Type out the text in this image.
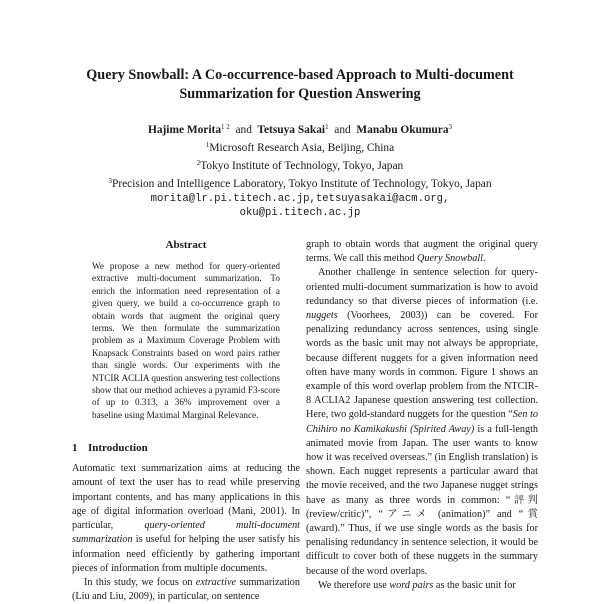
Query Snowball: A Co-occurrence-based Approach to Multi-document
Summarization for Question Answering
Hajime Morita$^{1 2}$ and Tetsuya Sakai$^1$ and Manabu Okumura$^3$
$^1$Microsoft Research Asia, Beijing, China
$^2$Tokyo Institute of Technology, Tokyo, Japan
$^3$Precision and Intelligence Laboratory, Tokyo Institute of Technology, Tokyo, Japan
morita@lr.pi.titech.ac.jp,tetsuyasakai@acm.org,
oku@pi.titech.ac.jp
Abstract

We propose a new method for query-oriented extractive multi-document summarization. To enrich the information need representation of a given query, we build a co-occurrence graph to obtain words that augment the original query terms. We then formulate the summarization problem as a Maximum Coverage Problem with Knapsack Constraints based on word pairs rather than single words. Our experiments with the NTCIR ACLIA question answering test collections show that our method achieves a pyramid F3-score of up to 0.313, a 36% improvement over a baseline using Maximal Marginal Relevance.

1 Introduction

Automatic text summarization aims at reducing the amount of text the user has to read while preserving important contents, and has many applications in this age of digital information overload (Mani, 2001). In particular, query-oriented multi-document summarization is useful for helping the user satisfy his information need efficiently by gathering important pieces of information from multiple documents.

In this study, we focus on extractive summarization (Liu and Liu, 2009), in particular, on sentence

graph to obtain words that augment the original query terms. We call this method Query Snowball.

Another challenge in sentence selection for query-oriented multi-document summarization is how to avoid redundancy so that diverse pieces of information (i.e. nuggets (Voorhees, 2003)) can be covered. For penalizing redundancy across sentences, using single words as the basic unit may not always be appropriate, because different nuggets for a given information need often have many words in common. Figure 1 shows an example of this word overlap problem from the NTCIR-8 ACLIA2 Japanese question answering test collection. Here, two gold-standard nuggets for the question “Sen to Chihiro no Kamikakushi (Spirited Away) is a full-length animated movie from Japan. The user wants to know how it was received overseas.” (in English translation) is shown. Each nugget represents a particular award that the movie received, and the two Japanese nugget strings have as many as three words in common: “評判 (review/critic)”, “アニメ (animation)” and “賞 (award).” Thus, if we use single words as the basis for penalising redundancy in sentence selection, it would be difficult to cover both of these nuggets in the summary because of the word overlaps.

We therefore use word pairs as the basic unit for
